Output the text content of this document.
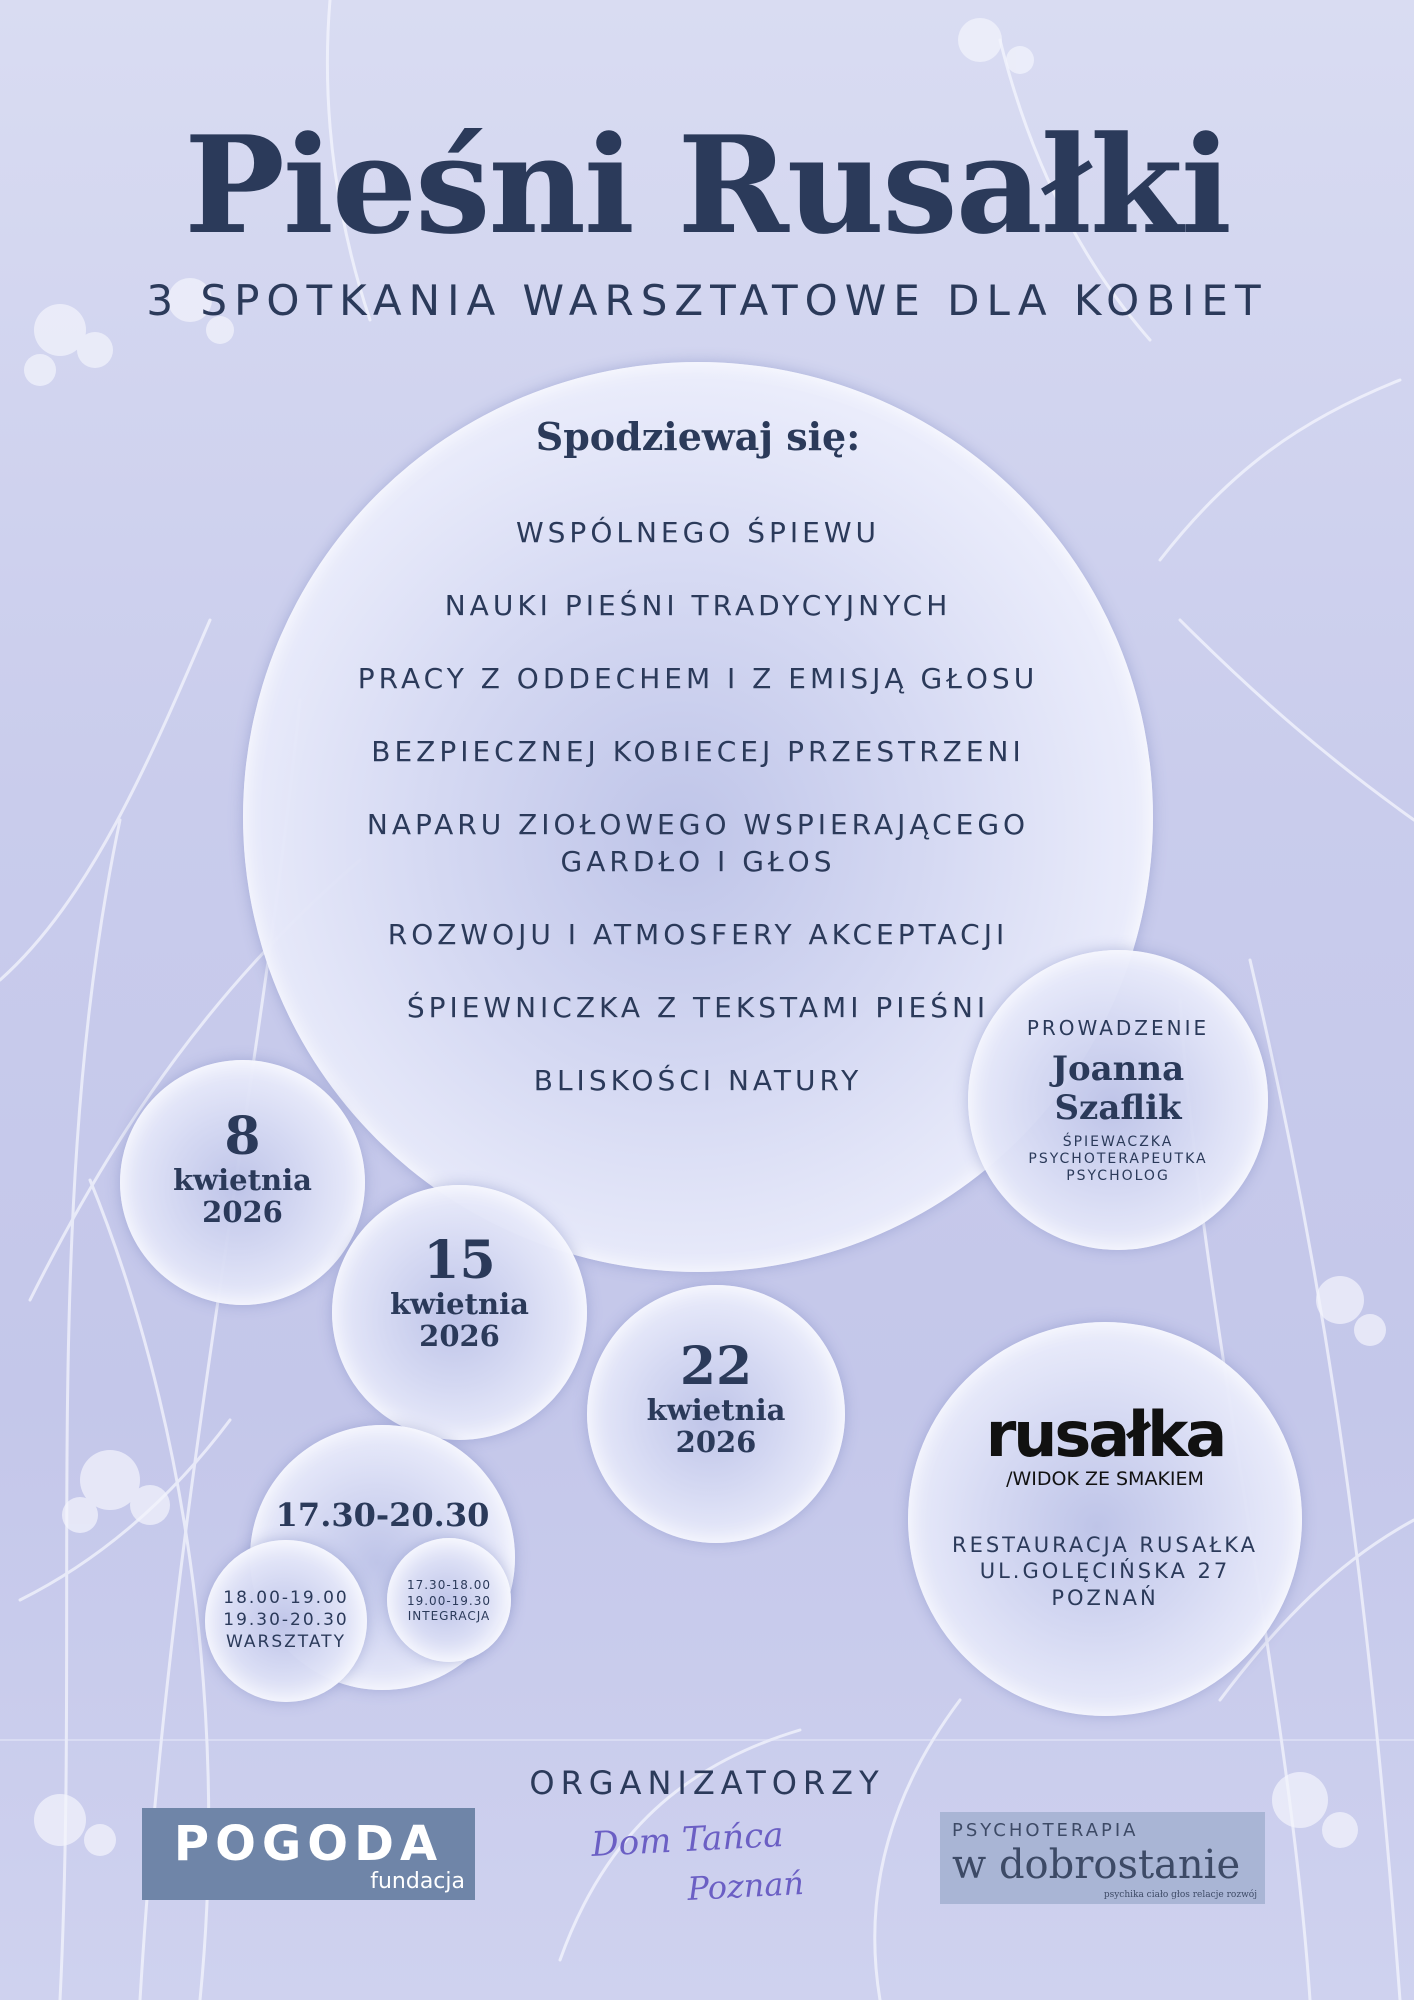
Pieśni Rusałki
3 SPOTKANIA WARSZTATOWE DLA KOBIET
Spodziewaj się:
WSPÓLNEGO ŚPIEWU
NAUKI PIEŚNI TRADYCYJNYCH
PRACY Z ODDECHEM I Z EMISJĄ GŁOSU
BEZPIECZNEJ KOBIECEJ PRZESTRZENI
NAPARU ZIOŁOWEGO WSPIERAJĄCEGO GARDŁO I GŁOS
ROZWOJU I ATMOSFERY AKCEPTACJI
ŚPIEWNICZKA Z TEKSTAMI PIEŚNI
BLISKOŚCI NATURY
PROWADZENIE
Joanna
Szaflik
ŚPIEWACZKA
PSYCHOTERAPEUTKA
PSYCHOLOG
8
kwietnia
2026
15
kwietnia
2026	22
kwietnia
2026
17.30-20.30
18.00-19.00
19.30-20.30
WARSZTATY
17.30-18.00
19.00-19.30
INTEGRACJA
rusałka
/WIDOK ZE SMAKIEM
RESTAURACJA RUSAŁKA
UL.GOLĘCIŃSKA 27
POZNAŃ
ORGANIZATORZY
POGODA
fundacja
Dom Tańca
Poznań
PSYCHOTERAPIA
w dobrostanie
psychika ciało głos relacje rozwój
